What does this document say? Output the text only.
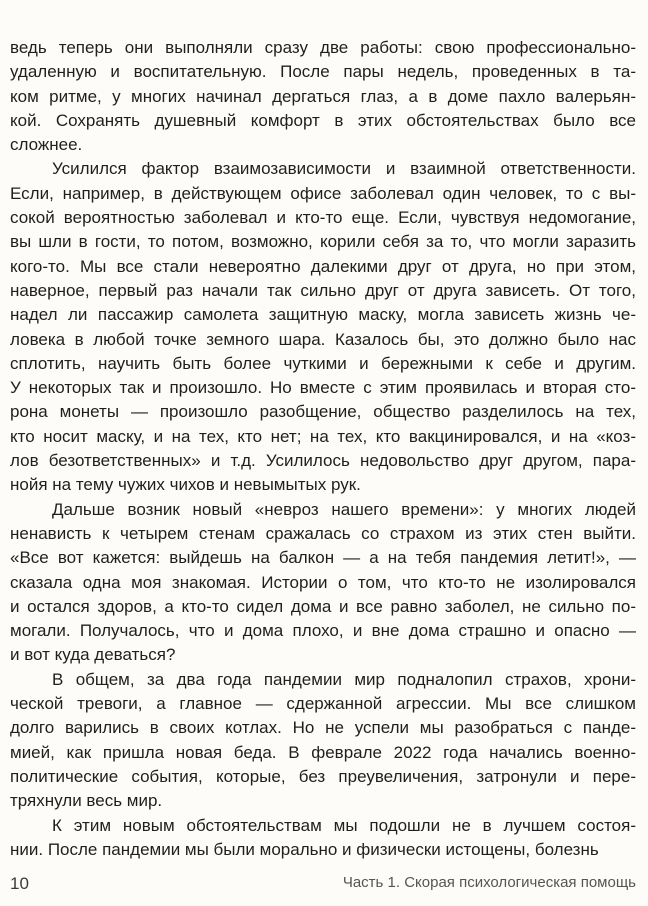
ведь теперь они выполняли сразу две работы: свою профессионально-
удаленную и воспитательную. После пары недель, проведенных в та-
ком ритме, у многих начинал дергаться глаз, а в доме пахло валерьян-
кой. Сохранять душевный комфорт в этих обстоятельствах было все
сложнее.
Усилился фактор взаимозависимости и взаимной ответственности.
Если, например, в действующем офисе заболевал один человек, то с вы-
сокой вероятностью заболевал и кто-то еще. Если, чувствуя недомогание,
вы шли в гости, то потом, возможно, корили себя за то, что могли заразить
кого-то. Мы все стали невероятно далекими друг от друга, но при этом,
наверное, первый раз начали так сильно друг от друга зависеть. От того,
надел ли пассажир самолета защитную маску, могла зависеть жизнь че-
ловека в любой точке земного шара. Казалось бы, это должно было нас
сплотить, научить быть более чуткими и бережными к себе и другим.
У некоторых так и произошло. Но вместе с этим проявилась и вторая сто-
рона монеты — произошло разобщение, общество разделилось на тех,
кто носит маску, и на тех, кто нет; на тех, кто вакцинировался, и на «коз-
лов безответственных» и т.д. Усилилось недовольство друг другом, пара-
нойя на тему чужих чихов и невымытых рук.
Дальше возник новый «невроз нашего времени»: у многих людей
ненависть к четырем стенам сражалась со страхом из этих стен выйти.
«Все вот кажется: выйдешь на балкон — а на тебя пандемия летит!», —
сказала одна моя знакомая. Истории о том, что кто-то не изолировался
и остался здоров, а кто-то сидел дома и все равно заболел, не сильно по-
могали. Получалось, что и дома плохо, и вне дома страшно и опасно —
и вот куда деваться?
В общем, за два года пандемии мир подналопил страхов, хрони-
ческой тревоги, а главное — сдержанной агрессии. Мы все слишком
долго варились в своих котлах. Но не успели мы разобраться с панде-
мией, как пришла новая беда. В феврале 2022 года начались военно-
политические события, которые, без преувеличения, затронули и пере-
тряхнули весь мир.
К этим новым обстоятельствам мы подошли не в лучшем состоя-
нии. После пандемии мы были морально и физически истощены, болезнь
10	Часть 1. Скорая психологическая помощь
